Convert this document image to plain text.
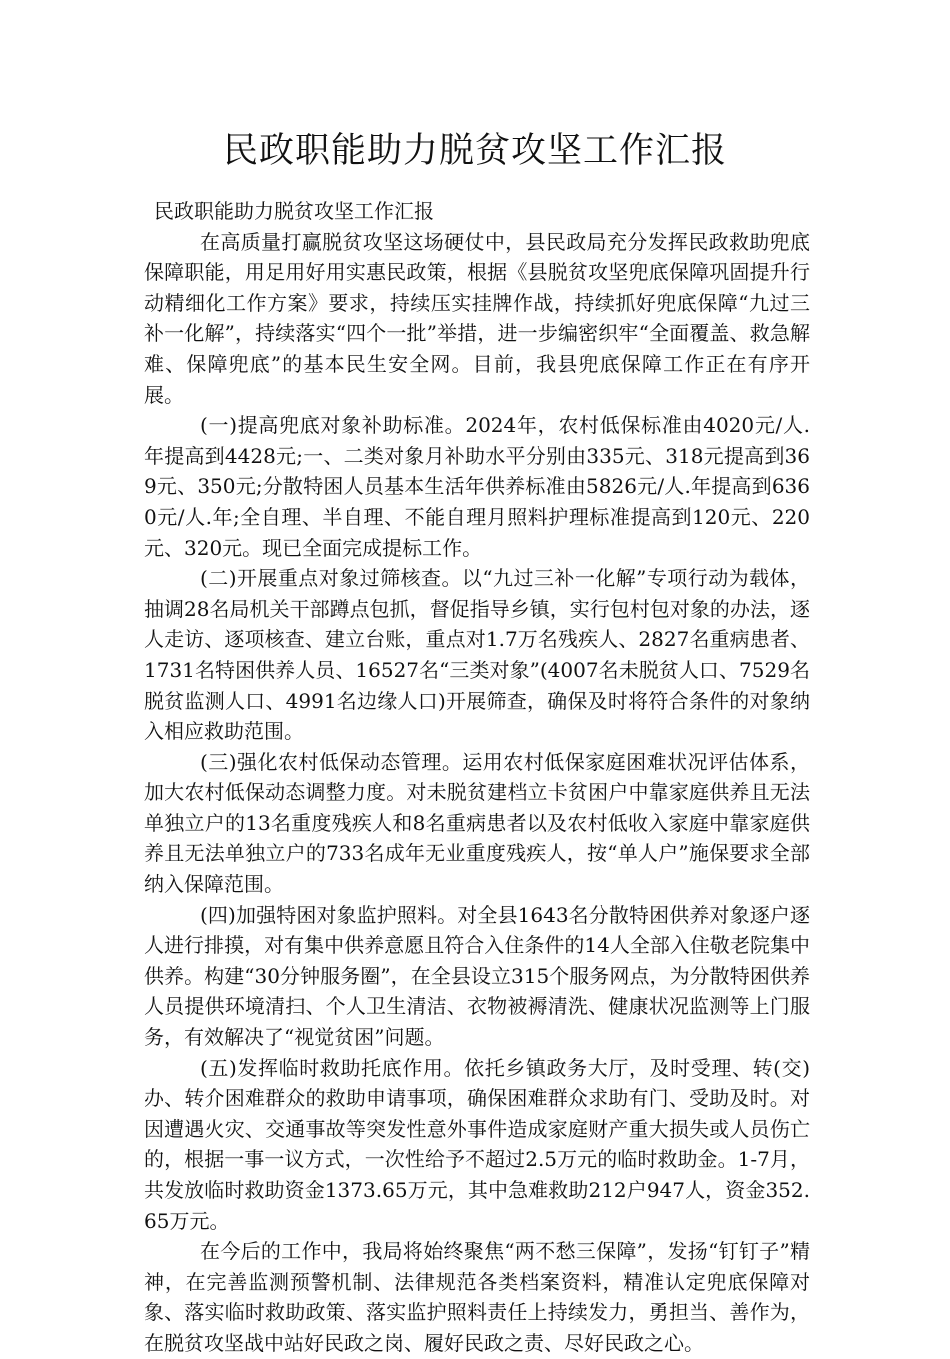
民政职能助力脱贫攻坚工作汇报

民政职能助力脱贫攻坚工作汇报

在高质量打赢脱贫攻坚这场硬仗中，县民政局充分发挥民政救助兜底保障职能，用足用好用实惠民政策，根据《县脱贫攻坚兜底保障巩固提升行动精细化工作方案》要求，持续压实挂牌作战，持续抓好兜底保障“九过三补一化解”，持续落实“四个一批”举措，进一步编密织牢“全面覆盖、救急解难、保障兜底”的基本民生安全网。目前，我县兜底保障工作正在有序开展。

(一)提高兜底对象补助标准。2024年，农村低保标准由4020元/人.年提高到4428元;一、二类对象月补助水平分别由335元、318元提高到369元、350元;分散特困人员基本生活年供养标准由5826元/人.年提高到6360元/人.年;全自理、半自理、不能自理月照料护理标准提高到120元、220元、320元。现已全面完成提标工作。

(二)开展重点对象过筛核查。以“九过三补一化解”专项行动为载体，抽调28名局机关干部蹲点包抓，督促指导乡镇，实行包村包对象的办法，逐人走访、逐项核查、建立台账，重点对1.7万名残疾人、2827名重病患者、1731名特困供养人员、16527名“三类对象”(4007名未脱贫人口、7529名脱贫监测人口、4991名边缘人口)开展筛查，确保及时将符合条件的对象纳入相应救助范围。

(三)强化农村低保动态管理。运用农村低保家庭困难状况评估体系，加大农村低保动态调整力度。对未脱贫建档立卡贫困户中靠家庭供养且无法单独立户的13名重度残疾人和8名重病患者以及农村低收入家庭中靠家庭供养且无法单独立户的733名成年无业重度残疾人，按“单人户”施保要求全部纳入保障范围。

(四)加强特困对象监护照料。对全县1643名分散特困供养对象逐户逐人进行排摸，对有集中供养意愿且符合入住条件的14人全部入住敬老院集中供养。构建“30分钟服务圈”，在全县设立315个服务网点，为分散特困供养人员提供环境清扫、个人卫生清洁、衣物被褥清洗、健康状况监测等上门服务，有效解决了“视觉贫困”问题。

(五)发挥临时救助托底作用。依托乡镇政务大厅，及时受理、转(交)办、转介困难群众的救助申请事项，确保困难群众求助有门、受助及时。对因遭遇火灾、交通事故等突发性意外事件造成家庭财产重大损失或人员伤亡的，根据一事一议方式，一次性给予不超过2.5万元的临时救助金。1-7月，共发放临时救助资金1373.65万元，其中急难救助212户947人，资金352.65万元。

在今后的工作中，我局将始终聚焦“两不愁三保障”，发扬“钉钉子”精神，在完善监测预警机制、法律规范各类档案资料，精准认定兜底保障对象、落实临时救助政策、落实监护照料责任上持续发力，勇担当、善作为，在脱贫攻坚战中站好民政之岗、履好民政之责、尽好民政之心。
